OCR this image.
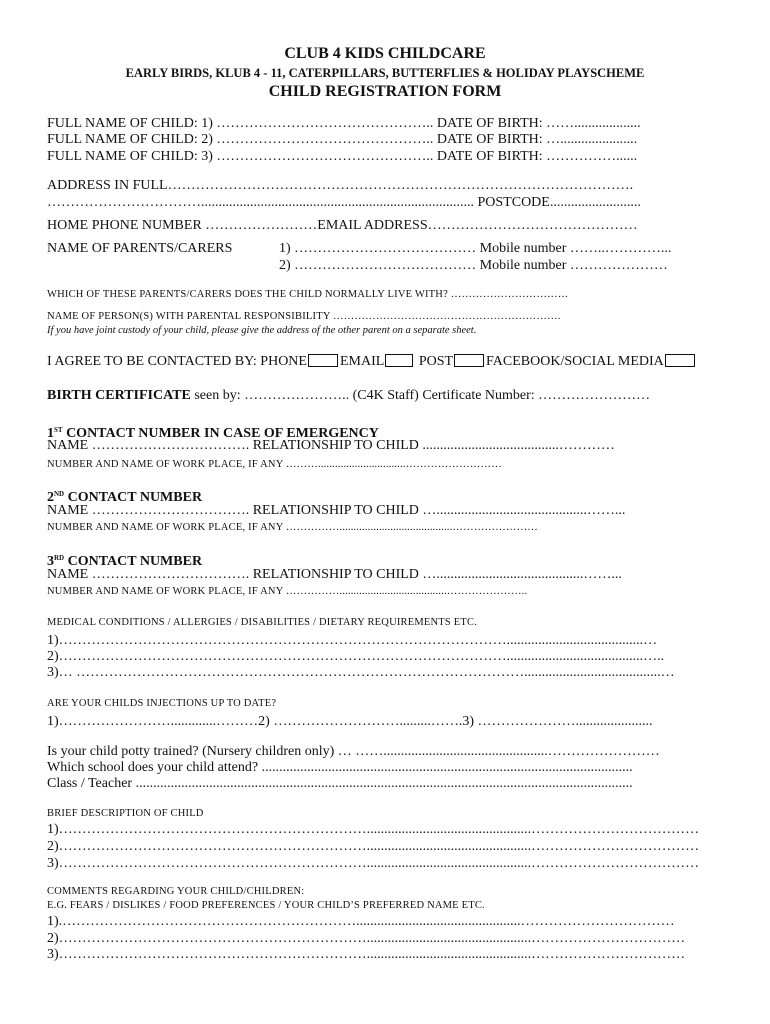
CLUB 4 KIDS CHILDCARE
EARLY BIRDS, KLUB 4 - 11, CATERPILLARS, BUTTERFLIES & HOLIDAY PLAYSCHEME
CHILD REGISTRATION FORM
FULL NAME OF CHILD: 1) ……………………………………….. DATE OF BIRTH: ……...................
FULL NAME OF CHILD: 2) ……………………………………….. DATE OF BIRTH: …......................
FULL NAME OF CHILD: 3) ……………………………………….. DATE OF BIRTH: ……………......
ADDRESS IN FULL……………………………………………………………………………………….
…………………………….............................................................................. POSTCODE..........................
HOME PHONE NUMBER ……………………EMAIL ADDRESS………………………………………
NAME OF PARENTS/CARERS	1) ………………………………… Mobile number ……..…………...
2) ………………………………… Mobile number …………………
WHICH OF THESE PARENTS/CARERS DOES THE CHILD NORMALLY LIVE WITH? ……………………………
NAME OF PERSON(S) WITH PARENTAL RESPONSIBILITY ……………………………………………………….
If you have joint custody of your child, please give the address of the other parent on a separate sheet.
I AGREE TO BE CONTACTED BY: PHONE EMAIL POST FACEBOOK/SOCIAL MEDIA
BIRTH CERTIFICATE seen by: ………………….. (C4K Staff) Certificate Number: ……………………
1ST CONTACT NUMBER IN CASE OF EMERGENCY
NAME ……………………………. RELATIONSHIP TO CHILD .......................................…………
NUMBER AND NAME OF WORK PLACE, IF ANY ………...............................………………………
2ND CONTACT NUMBER
NAME ……………………………. RELATIONSHIP TO CHILD …...........................................……...
NUMBER AND NAME OF WORK PLACE, IF ANY ……………........................................……………………
3RD CONTACT NUMBER
NAME ……………………………. RELATIONSHIP TO CHILD …..........................................……...
NUMBER AND NAME OF WORK PLACE, IF ANY ……………......................................…………………..
MEDICAL CONDITIONS / ALLERGIES / DISABILITIES / DIETARY REQUIREMENTS ETC.
1)…………………………………………………………………………………….......................................…
2)…………………………………………………………………………………….......................................…..
3)… …………………………………………………………………………………….......................................…
ARE YOUR CHILDS INJECTIONS UP TO DATE?
1)…………………….............………2) ……………………….........…….3) …………………......................
Is your child potty trained? (Nursery children only) … ……...............................................……………………
Which school does your child attend? ..........................................................................................................
Class / Teacher ..............................................................................................................................................
BRIEF DESCRIPTION OF CHILD
1)…………………………………………………………...............................................………………………………
2)…………………………………………………………...............................................………………………………
3)…………………………………………………………...............................................………………………………
COMMENTS REGARDING YOUR CHILD/CHILDREN:
E.G. FEARS / DISLIKES / FOOD PREFERENCES / YOUR CHILD’S PREFERRED NAME ETC.
1).………………………………………………………...............................................……………………………
2)…………………………………………………………...............................................……………………………
3)…………………………………………………………...............................................……………………………
